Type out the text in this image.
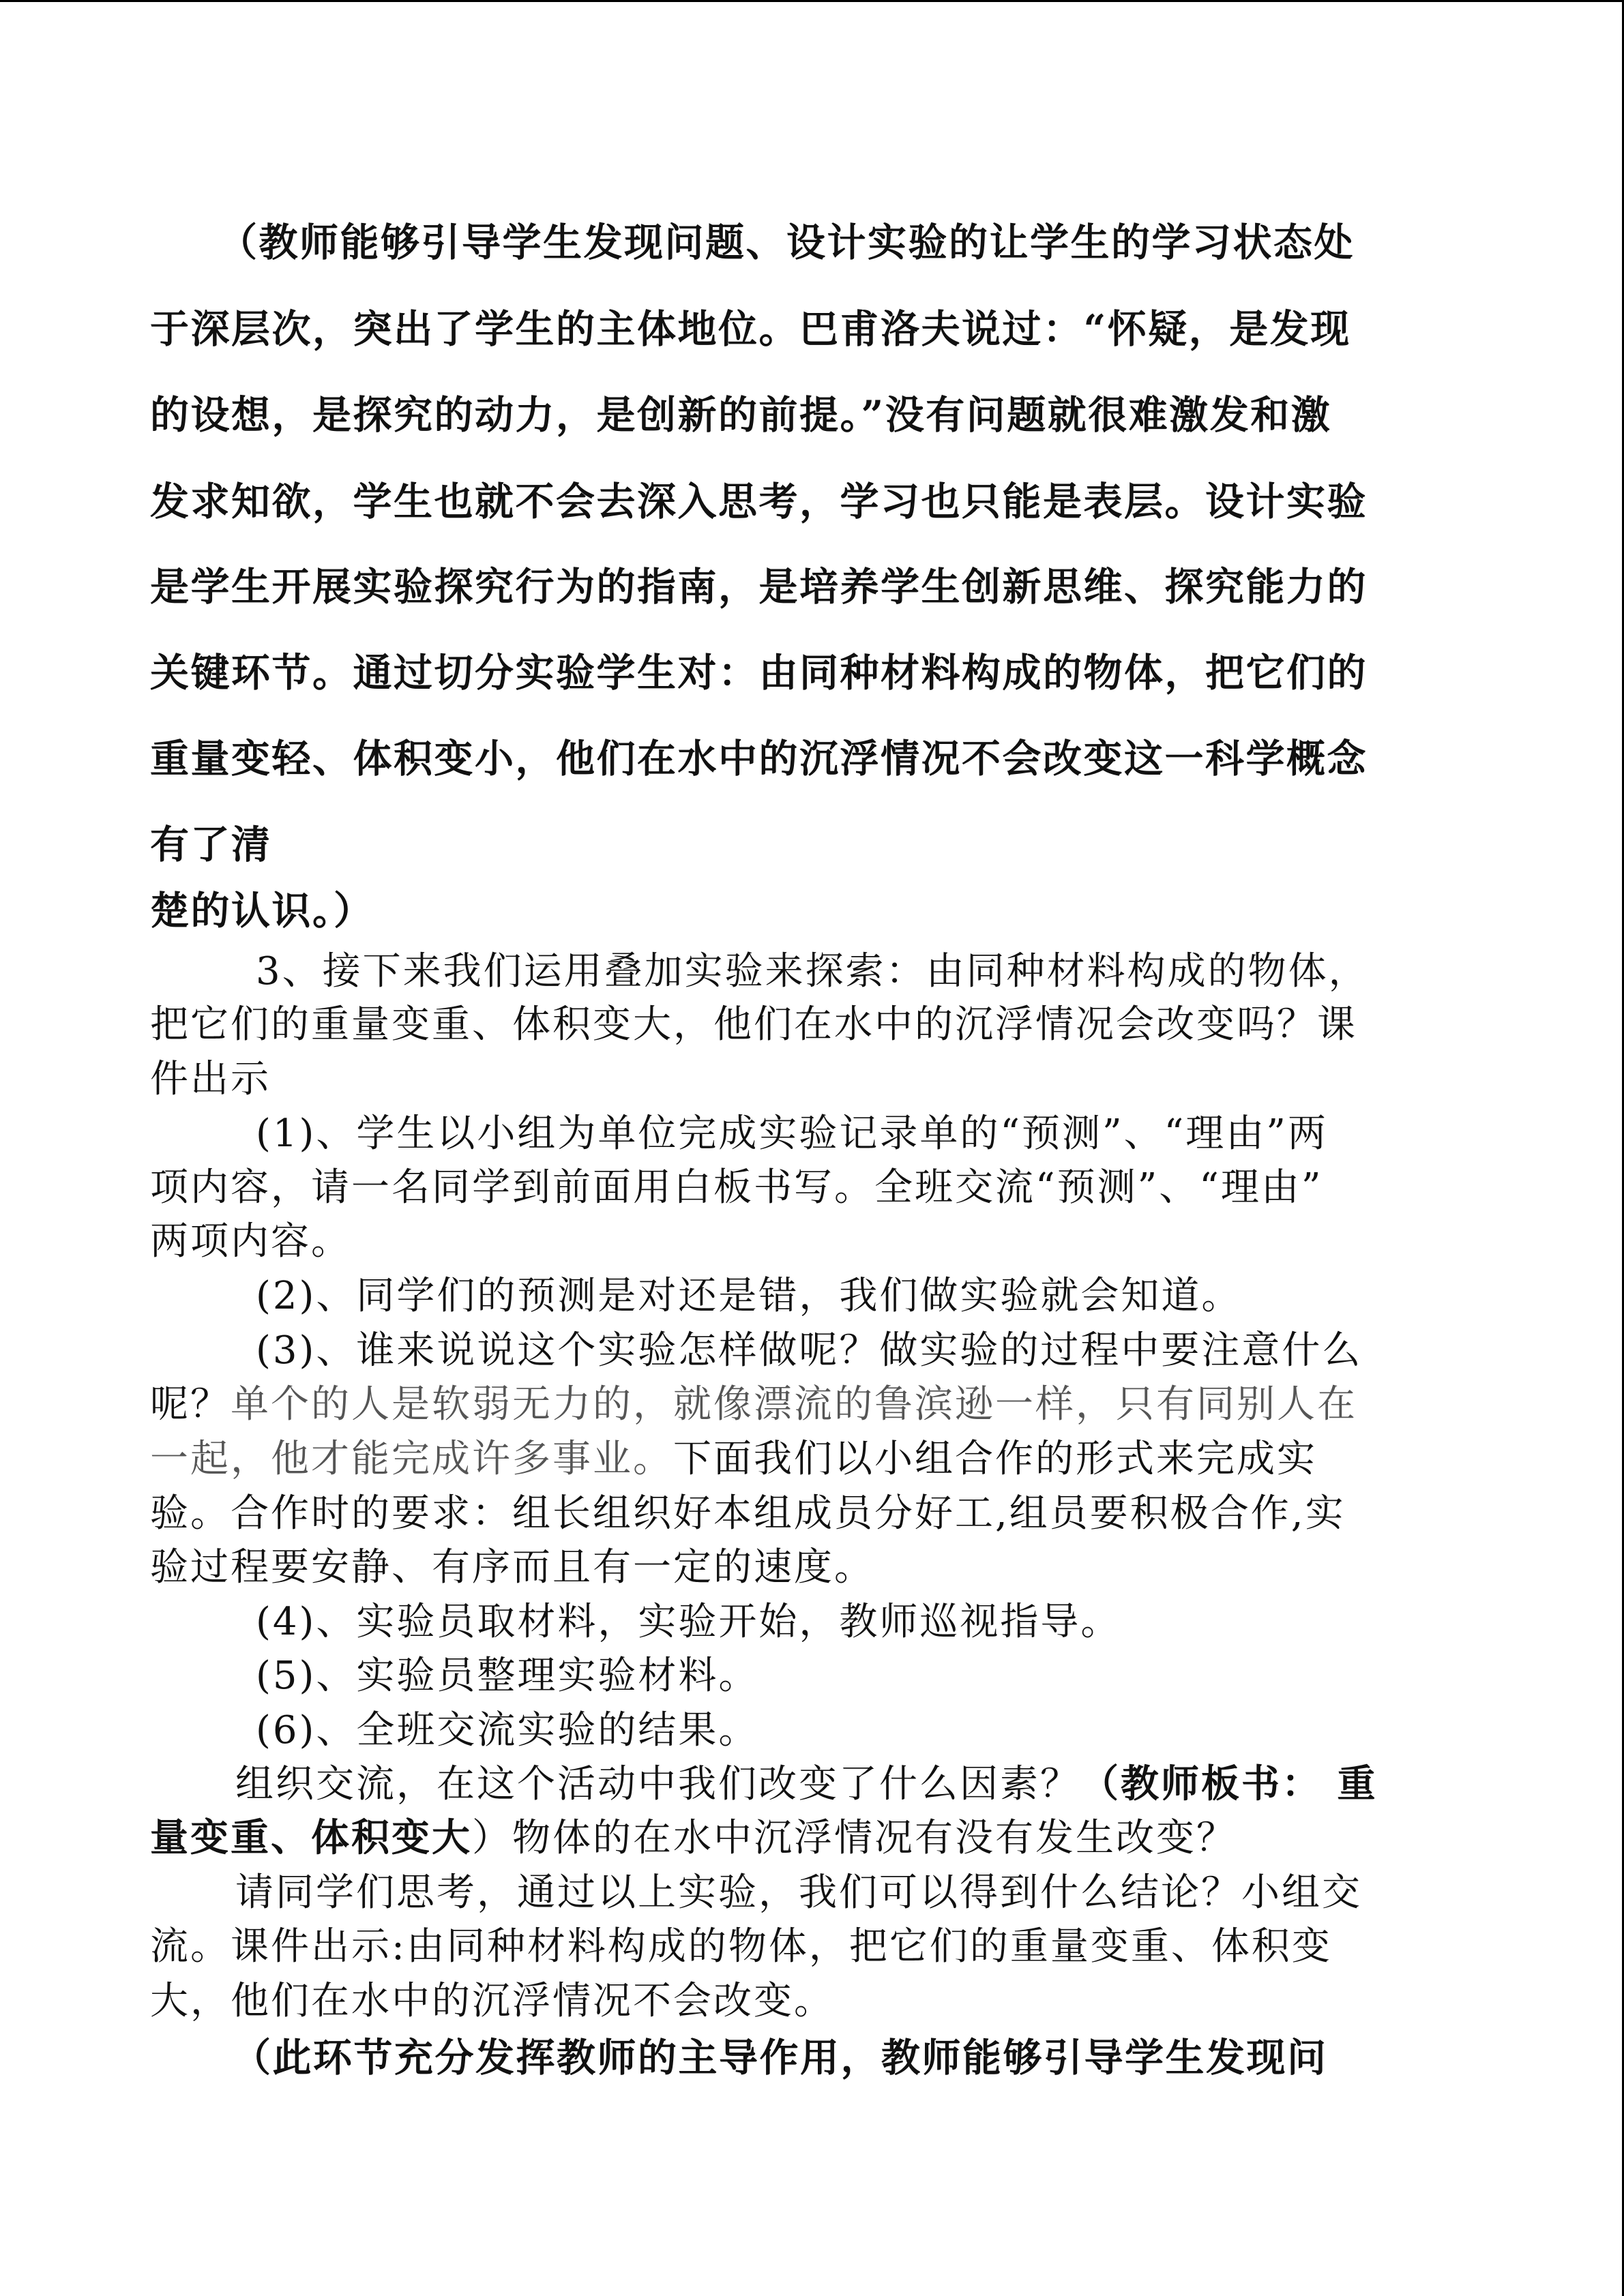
（教师能够引导学生发现问题、设计实验的让学生的学习状态处

于深层次，突出了学生的主体地位。巴甫洛夫说过：“怀疑，是发现

的设想，是探究的动力，是创新的前提。”没有问题就很难激发和激

发求知欲，学生也就不会去深入思考，学习也只能是表层。设计实验

是学生开展实验探究行为的指南，是培养学生创新思维、探究能力的

关键环节。通过切分实验学生对：由同种材料构成的物体，把它们的

重量变轻、体积变小，他们在水中的沉浮情况不会改变这一科学概念

有了清

楚的认识。）

3、接下来我们运用叠加实验来探索：由同种材料构成的物体，

把它们的重量变重、体积变大，他们在水中的沉浮情况会改变吗？课

件出示

(1)、学生以小组为单位完成实验记录单的“预测”、“理由”两

项内容，请一名同学到前面用白板书写。全班交流“预测”、“理由”

两项内容。

(2)、同学们的预测是对还是错，我们做实验就会知道。

(3)、谁来说说这个实验怎样做呢？做实验的过程中要注意什么

呢？单个的人是软弱无力的，就像漂流的鲁滨逊一样，只有同别人在

一起，他才能完成许多事业。下面我们以小组合作的形式来完成实

验。合作时的要求：组长组织好本组成员分好工,组员要积极合作,实

验过程要安静、有序而且有一定的速度。

(4)、实验员取材料，实验开始，教师巡视指导。

(5)、实验员整理实验材料。

(6)、全班交流实验的结果。

组织交流，在这个活动中我们改变了什么因素？（教师板书： 重

量变重、体积变大）物体的在水中沉浮情况有没有发生改变？

请同学们思考，通过以上实验，我们可以得到什么结论？小组交

流。课件出示:由同种材料构成的物体，把它们的重量变重、体积变

大，他们在水中的沉浮情况不会改变。

（此环节充分发挥教师的主导作用，教师能够引导学生发现问
